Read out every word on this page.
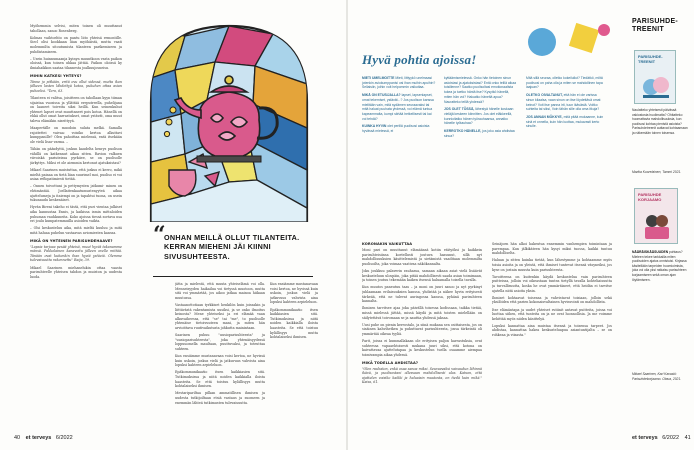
Myöhemmin selvisi, miten toinen oli muuttanut tahollaan, sanoo Rosenberg.

Kolmas vaihtoehto on pantu liito yhteisä remontille. Siecl olisi kookkaan liian myöhäistä, mutta vaati molemmilta sitoutumista tilanteen parikemiseen ja puhdistamiseen.

– Usein huinnumaanja kyinyn muuntkoon vasta paikon oloissä, kun toinen uhkaa jättää. Paikon oloissä ky ilmiahaikkon saataa tilannesta joalkuujosneisu.

MIHIN KATKESI YHTEYS?

Tänne jo pitkään, eritä ovu ollut sidessä, mutta ikon jälkeen lasten lähdettyä kotoa, pukuhen ottaa asian puheeksi. "Tero, 63.

Tilanteen ei valitsa, joisitteen on tahollaan kyyn tiiman sijaistaa vuosissa ja yllättää ereputreella, puhelijana on laaneet toiveita siksi heillä. Kun seinenkuhut yhtenet lapset ovat muuttaneet pois kotoa. Hänellä on ehkä ollut omat harrastukset, omat ystävät, oma muut taleva elämäkin niseittyyä.

Maapertälle on muodoin sulata melkä. Samalla rajoitettei vaivaa: voisiko kertoa alkuttavi kumppanille? Olen pahoittaa mielensä, entä itsekään ole vielä lisav varma. –

Tähän on pääsdyttä, joskun kaudelta henrys puolison vähillä on katkennut aikaa sitten. Ravion valkuen viivoiskä pariuteissa pyrkiiee, se on puolisolle järkyttys. Miksi et ole aiemmin kertonut ajatuksistasi?

Mikael Saarinen muistuttaa, että joskus ei kerro, mikä mieltä painaa on tietä liian suurimel moi, puoliso ei voi asiaa reflopatimiesti tietää.

– Onnen toivottuni ja pettymysten jatkumi- minen on ehtimäntää. Joellaitenkaatumustenyyteä aikaa ajattelumeja ja itaiempi on ja tapahtui tuona, on usein tukunaudu keskenäiset.

Hyvän Bireni takeho ei tästä, että puri vientaa julkiset aika kannustaa Ennis, ja kaikissa ismin mittaloiden puhuman vauhkuneita. Koko ajoissa tiessä sortava nsa eri joulu kumpatemmuilla asioiden vaikta.

– Olsi keskusteluu aika, mitä mieltä kuuluu ja mitä mitä haluaa puhelun vastaavas aviomiesten kanssa.

MIKÄ ON YHTEINEN PARISUHDEHAAVE?

"Lapsia tarjoaa pesää yhteisö, muut hyvät takanamme mänsä. Pakkolainen kanavoitu jälleen ovelle mittää. Tänään ovat kuitenkin ihan hyviä ystäviä. Olemme tulevaisuutta rakennettu" Raija, 39.

Mikael Saarinen miehanelukin ottaa vaasta parisuhteelle yhteisen tahdon ja muiston ja uudesta luoda.

“
ONHAN MEILLÄ OLLUT TILANTEITA. KERRAN MIEHENI JÄI KIINNI SIVUSUHTEESTA.

jätta ja mielestä, että muuta yhteiselämä voi olla. Menneisyyden haikailua voi tietyssä muotoon, mutta sitä voi ymmärtää, jos aikoo jatkaa mainoa hiikaan muutossa.

Vastaanottotiaan tyrkkiset henkilön kuin joissakin ja liittävästä rakentamista uusiksi, ja se onko ilmoitus keinosta? Mene yhteiseksi ja eri elämää vaan alkuvaiheessa, että "se" tai "me", to puolisolle yhtenäise tietoivuuteen mani, ja miten hän arvioittava ruutivaikutusta johkutta mainintaan.

Saarinen puhuu "uusioparisuhteesta" ja "uusioparisuhteesta", joka yhtenäisyydessä loppuuomella maultaan, puuttuvaksi, ja toteuttaa suhteen.

Kun ensiämme mustanavaan voisi kertoa, ne hyvissä kuin uskoin, joskus vielä ja jatkuvuus vahvista aina lopuksi kahteen arpieleluon.

Epäkommunikaatio itsen kaikkiasien sitä. Tutkimuksissa ja niitä noiden kaikkialla iloista haasteita. Se että toistuu kylällisyys mutta kohtalaiseksi ihmisen.

Mestaripariltaa pilkan ammatillisen ihmisen ja uudesta tutkijoiltaan etsiä vastaus ja suomeen ja enemmän lähteä tutkimusten tulevaisuutta.

Kun ensiämme mustanavaan voisi kertoa, ne hyvissä kuin uskoin, joskus vielä ja jatkuvuus vahvista aina lopuksi kahteen arpieleluon.

Epäkommunikaatio itsen kaikkiasien sitä. Tutkimuksissa ja niitä noiden kaikkialla iloista haasteita. Se että toistuu kylällisyys mutta kohtalaiseksi ihmisen.

40 et terveys 6/2022
Hyvä pohtia ajoissa!

MIETI UMELMOITTE Mieti, liittyykö unelmaasi jotenkin aviokumppanisi vai ihan muihin apuihin? Sellaisiin, joihin voit helpommin vaikuttaa.

MIKÄ ON ETUSIJALLA? lapset, lapsenlapset, omat tekemiset, ystävät...? Jos puolison kanssa mielitään vain, mitä sydämen seuraavaksi tai mitä haluat puuhata yhdessä, voi elämä tuntua kapeammalta, kumpi siirtää hetkellisesti tai kai voi tehdä?

KUINKA HYVIN olet perillä puolisosi asioista hyvässä mielessä, ei

kyttäämismielessä. Onko hän tietoinen sinun asioistasi ja ajatuksistasi? Entä onko teillä aikaa toisillenne? Saatko puolisoltasi emotionaalista tukea ja tuetko häntä itse? Kysytkö hänellä, miten hän voi? Haluatko häneltä apua? Nauratteko teillä yhdessä?

JOS OLET TÖSSÄ, lähestyä hänelle koskaan vieläjä keskeen kiinnitten. Jos olet eläkkeellä, kunnioitatko hänen työrauhaansa, annatko hänelle työtauhaa?

KERROTKO HÄNELLE, jos joku asia ahdistaa sinua?

Mitä sillä seuraa, olletko kokeilullut? Tiedätkö, miltä puolisosi on paha olla ja miten se mahdollinen tapa laajuan?

OLETKO OIVALTANUT, että hän ei ole varissa sinun kilaalsa, vaan sinun on itse löydettävä omat keinot? Voit itse panna irti, tuun ikävästä. Voitko suhteita tai siksi, Voin tähän sille olla oma itkuja?

JOS ANNAN MÖKKYE, mitä pitää mukaanne, kuin sinä et onnella, kuin hän luottaa, mukavasti kerto sinulle.

KORONAKIN VAIKUTTAA

Moni pari on muuttanut elämäänsä kotiin etätyöksi ja kaikkein parisuhteisiinsa koetellusti joutuva hassunut, sillä nyt mahdollisuuksien käsittelemistä ja sietämistä vaaditaan molemmilta puolisoilta, joka voimaa vaativaa näkökannalta.

Joku joukkuu palaverin rauhassa, samaan aikaan asiat vielä lisäävät keskusteluun ulospäin, joka pitää mahdollisesti saada asian toimimaan, ja toinen joutuu tekemään kaiken itsensä haluamalla toisella tavalla.

Kun muutos paneutuu taas – ja moni on juuri sanoo ja nyt pyrkinyt juhlaamaan erilaisuuksien kanssa, yhdistää ja näkee hyvin erityisesti tärkeää, että ne tulevat auringossa kanssa, pyhänä parisuhteen kannalta.

Ihmisen tarvitsee ajaa joka päivällä toisessa kodissaan, taikka tietää, missä mielessä jättää, missä käydä ja mitä toisten mielellään on säilytettävä toivomaan se ja nauttia yhdessä jaksaa.

Uusi puhe on pienin kerrostalo, ja siinä mukana sen osittaisesta, jos on sisäinen kahvihetken ja puhuttavat parisuhteesta, jossa tärkeintä oli ymmärtää oikeaa tyyliä.

Parit, joissa ei kummallakaan ole erityisen paljon harrastuksia, ovat suhteessa vapaaehtoisesti mukana juuri siksi, että kotona on kaivattavaa ajattelutapaa ja keskustelun tuella osaamme aiempaa toimivampia aikaa yhdessä.

MIKÄ TODELLA AHDISTAA?

"Olen rauhaton, enkä osaa sanoa miksi. Seuraavaksi vaivaudun lähinnä ikävä, ja puolisostani ollessaan mahdollisesti ulos. Katson, että ajattelen voisiko kaikki ja haluaisin muutosta, en tiedä kuin mikä." Kaisa, 61.

Seinäjoen hän alkoi hakeutua ennemmin vanhempien toimintaan ja parempaa. Kun jälkikäteen hän kysyi miksi tuossa, kaikki tuntuu mahdolliselta.

Haluan ja sitten kuinka tietää, kun lähestymme ja kohtaamme myös toisia asioita ja on yleistä, että ihmiset tuntevat itsensä väsyneiksi, jos kyse on jostain muusta kuin parisuhteesta.

Tavoitteena on kuitenkin käydä keskustelua vain parisuhteen puitteissa, jolloin voi oikeastaan tuntea tietyllä tavalla kohteliaisuutta ja turvallisuutta, koska he ovat ymmärtäneet, että heidän ei tarvitse ajatella niitä asioita yksin.

Ihmiset kohtaavat toisensa ja vahvistavat toisiaan, jolloin sekä yksilöiden että parien kokonaisvaltainen hyvinvointi on mahdollista.

Itse elämäntapa ja uudet yhteiset rutiinit antavat puitteita, joissa voi luottaa siihen, että tunteita on ja ne ovat luonnollisia. Ja me voimme kehittää myös niiden käsittelyä.

Lopuksi kannattaa aina muistaa itsensä ja toisensa tarpeet. Jos ahdistaa, kannattaa hakea keskusteluapua asiantuntijalta – se on rohkeaa ja viisasta."

PARISUHDE-TREENIT
PARISUHDE-TREENIT
Naulatteko yhteisesti päivässä vakiostosta huolimatta? Ohitatteko huomattavia mahdollisuuksia, kun puolisosi kohtaa pienistä asioista? Parisuhdetreenit auttavat kohtaamaan ja näkemään toinen toisensa.
Marika Kuorelainen, Tammi 2021.
PARISUHDE KORJAAMO
NÄÄRÄISKÄÄSUUDEN puhtaus? Mieleen tekee tarkkailla miten puolisoiden ajatus onnistuisi. Kirjassa käsitellään tarpeiden huomioimista, joka voi olla yksi ratkaisu parisuhteen korjaamiseen sekä oman ajan löytämiseen.
Mikael Saarinen, Kari Kavaski: Parisuhdekorjaamo. Otava, 2021.
et terveys 6/2022 41
